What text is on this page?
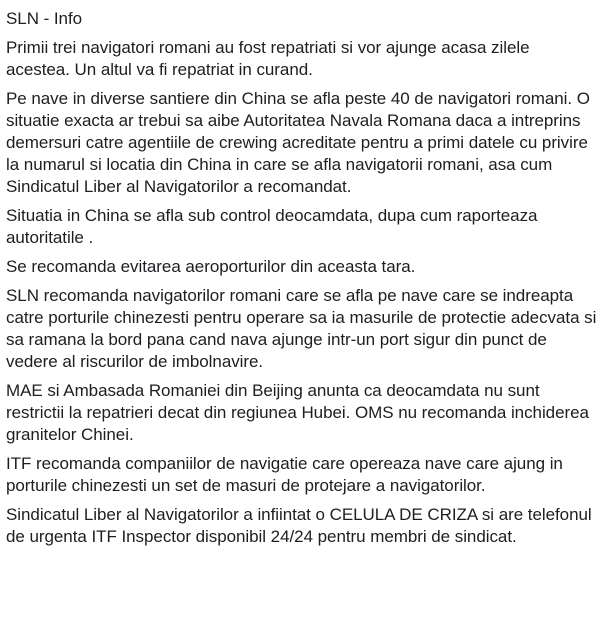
SLN - Info

Primii trei navigatori romani au fost repatriati si vor ajunge acasa zilele acestea. Un altul va fi repatriat in curand.

Pe nave in diverse santiere din China se afla peste 40 de navigatori romani. O situatie exacta ar trebui sa aibe Autoritatea Navala Romana daca a intreprins demersuri catre agentiile de crewing acreditate pentru a primi datele cu privire la numarul si locatia din China in care se afla navigatorii romani, asa cum Sindicatul Liber al Navigatorilor a recomandat.

Situatia in China se afla sub control deocamdata, dupa cum raporteaza autoritatile .

Se recomanda evitarea aeroporturilor din aceasta tara.

SLN recomanda navigatorilor romani care se afla pe nave care se indreapta catre porturile chinezesti pentru operare sa ia masurile de protectie adecvata si sa ramana la bord pana cand nava ajunge intr-un port sigur din punct de vedere al riscurilor de imbolnavire.

MAE si Ambasada Romaniei din Beijing anunta ca deocamdata nu sunt restrictii la repatrieri decat din regiunea Hubei. OMS nu recomanda inchiderea granitelor Chinei.

ITF recomanda companiilor de navigatie care opereaza nave care ajung in porturile chinezesti un set de masuri de protejare a navigatorilor.

Sindicatul Liber al Navigatorilor a infiintat o CELULA DE CRIZA si are telefonul de urgenta ITF Inspector disponibil 24/24 pentru membri de sindicat.
